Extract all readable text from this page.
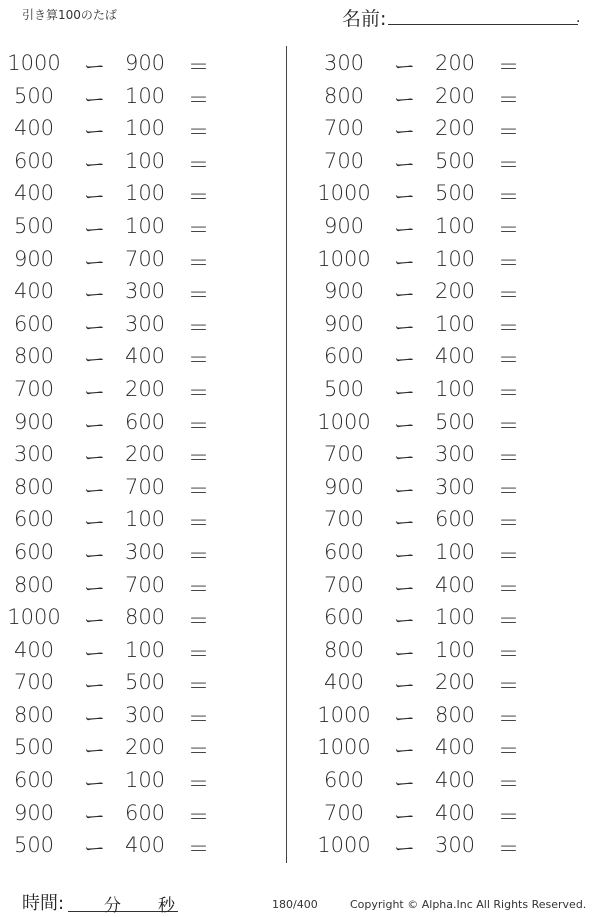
引き算100のたば	名前:	.
1000 ー 900	＝
500	ー 100	＝
400	ー 100	＝
600	ー 100	＝
400	ー 100	＝
500	ー 100	＝
900	ー 700	＝
400	ー 300	＝
600	ー 300	＝
800	ー 400	＝
700	ー 200	＝
900	ー 600	＝
300	ー 200	＝
800	ー 700	＝
600	ー 100	＝
600	ー 300	＝
800	ー 700	＝
1000 ー 800	＝
400	ー 100	＝
700	ー 500	＝
800	ー 300	＝
500	ー 200	＝
600	ー 100	＝
900	ー 600	＝
500	ー 400	＝
300	ー 200	＝
800	ー 200	＝
700	ー 200	＝
700	ー 500	＝
1000 ー 500	＝
900	ー 100	＝
1000 ー 100	＝
900	ー 200	＝
900	ー 100	＝
600	ー 400	＝
500	ー 100	＝
1000 ー 500	＝
700	ー 300	＝
900	ー 300	＝
700	ー 600	＝
600	ー 100	＝
700	ー 400	＝
600	ー 100	＝
800	ー 100	＝
400	ー 200	＝
1000 ー 800	＝
1000 ー 400	＝
600	ー 400	＝
700	ー 400	＝
1000 ー 300	＝
時間: 分 秒	180/400	Copyright © Alpha.Inc All Rights Reserved.
